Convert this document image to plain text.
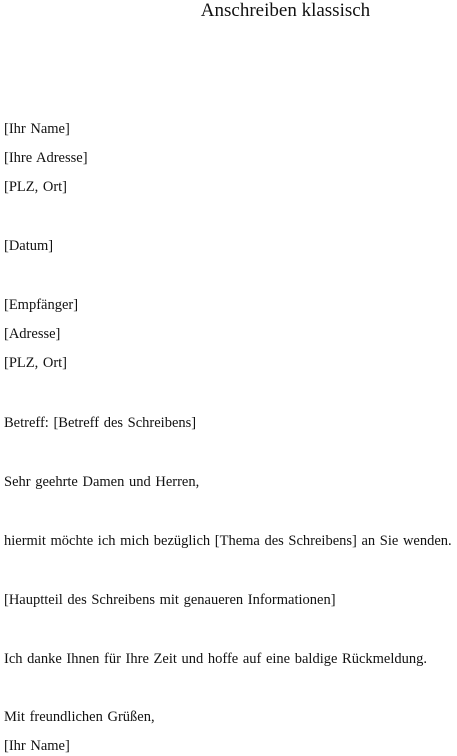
Anschreiben klassisch
[Ihr Name]
[Ihre Adresse]
[PLZ, Ort]
[Datum]
[Empfänger]
[Adresse]
[PLZ, Ort]
Betreff: [Betreff des Schreibens]
Sehr geehrte Damen und Herren,
hiermit möchte ich mich bezüglich [Thema des Schreibens] an Sie wenden.
[Hauptteil des Schreibens mit genaueren Informationen]
Ich danke Ihnen für Ihre Zeit und hoffe auf eine baldige Rückmeldung.
Mit freundlichen Grüßen,
[Ihr Name]
